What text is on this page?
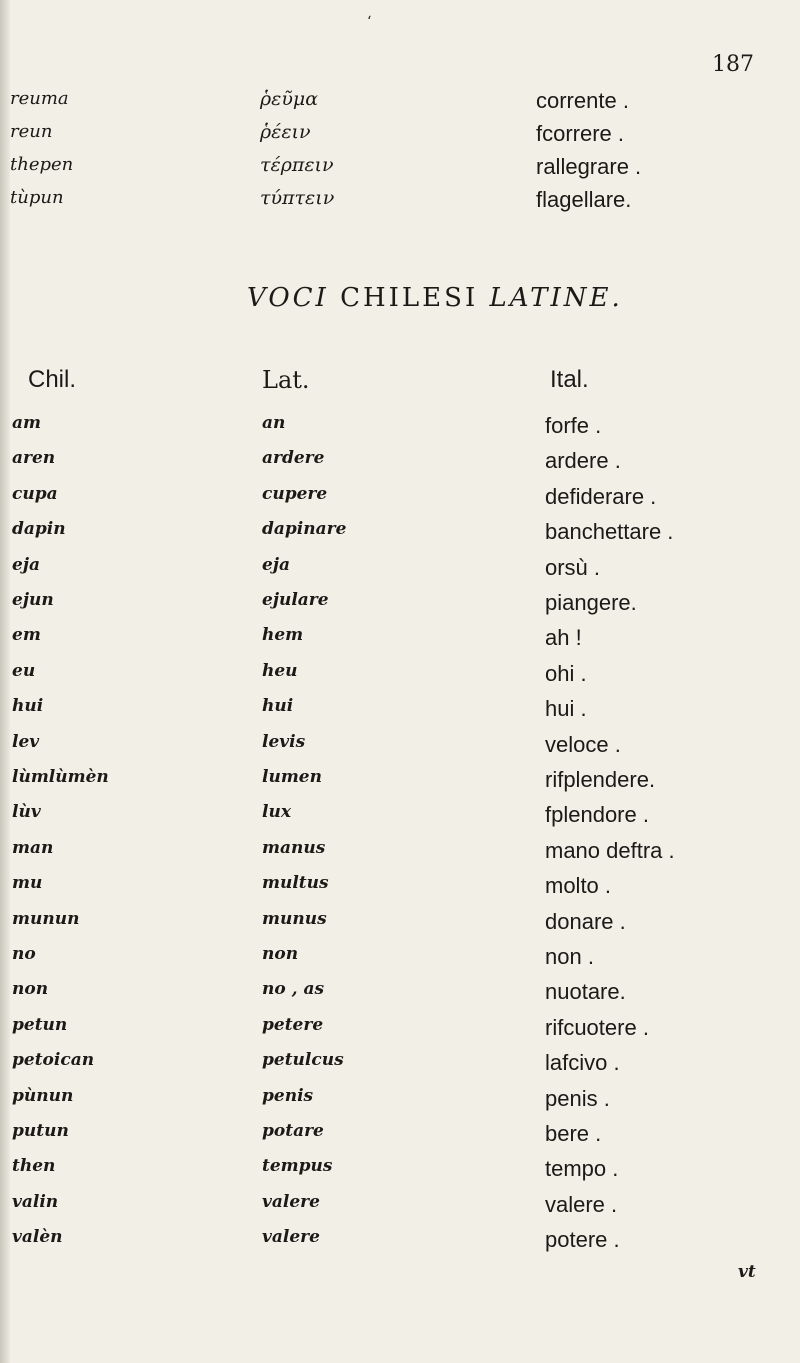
‘
187
reuma	ῥεῦμα	corrente .
reun	ῥέειν	fcorrere .
thepen	τέρπειν	rallegrare .
tùpun	τύπτειν	flagellare.
VOCI CHILESI LATINE.
Chil.	Lat.	Ital.
am	an	forfe .
aren	ardere	ardere .
cupa	cupere	defiderare .
dapin	dapinare	banchettare .
eja	eja	orsù .
ejun	ejulare	piangere.
em	hem	ah !
eu	heu	ohi .
hui	hui	hui .
lev	levis	veloce .
lùmlùmèn	lumen	rifplendere.
lùv	lux	fplendore .
man	manus	mano deftra .
mu	multus	molto .
munun	munus	donare .
no	non	non .
non	no , as	nuotare.
petun	petere	rifcuotere .
petoican	petulcus	lafcivo .
pùnun	penis	penis .
putun	potare	bere .
then	tempus	tempo .
valin	valere	valere .
valèn	valere	potere .
vt
